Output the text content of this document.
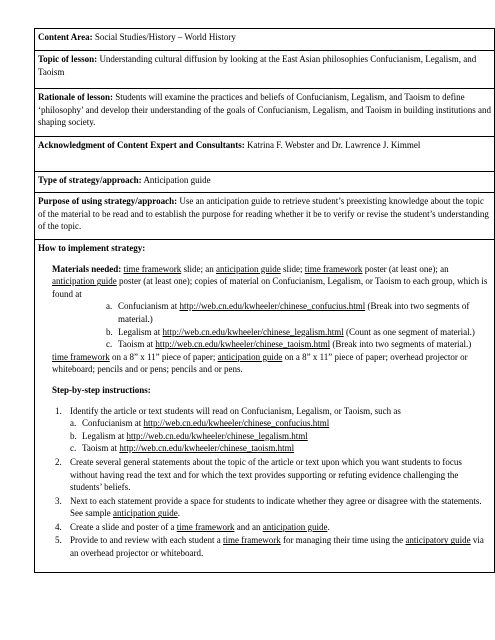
Content Area: Social Studies/History – World History
Topic of lesson: Understanding cultural diffusion by looking at the East Asian philosophies Confucianism, Legalism, and Taoism
Rationale of lesson: Students will examine the practices and beliefs of Confucianism, Legalism, and Taoism to define ‘philosophy’ and develop their understanding of the goals of Confucianism, Legalism, and Taoism in building institutions and shaping society.
Acknowledgment of Content Expert and Consultants: Katrina F. Webster and Dr. Lawrence J. Kimmel
Type of strategy/approach: Anticipation guide
Purpose of using strategy/approach: Use an anticipation guide to retrieve student’s preexisting knowledge about the topic of the material to be read and to establish the purpose for reading whether it be to verify or revise the student’s understanding of the topic.
How to implement strategy:

Materials needed: time framework slide; an anticipation guide slide; time framework poster (at least one); an anticipation guide poster (at least one); copies of material on Confucianism, Legalism, or Taoism to each group, which is found at

a. Confucianism at http://web.cn.edu/kwheeler/chinese_confucius.html (Break into two segments of material.)
b. Legalism at http://web.cn.edu/kwheeler/chinese_legalism.html (Count as one segment of material.)
c. Taoism at http://web.cn.edu/kwheeler/chinese_taoism.html (Break into two segments of material.)

time framework on a 8” x 11” piece of paper; anticipation guide on a 8” x 11” piece of paper; overhead projector or whiteboard; pencils and or pens; pencils and or pens.

Step-by-step instructions:

1. Identify the article or text students will read on Confucianism, Legalism, or Taoism, such as
a. Confucianism at http://web.cn.edu/kwheeler/chinese_confucius.html
b. Legalism at http://web.cn.edu/kwheeler/chinese_legalism.html
c. Taoism at http://web.cn.edu/kwheeler/chinese_taoism.html
2. Create several general statements about the topic of the article or text upon which you want students to focus without having read the text and for which the text provides supporting or refuting evidence challenging the students’ beliefs.
3. Next to each statement provide a space for students to indicate whether they agree or disagree with the statements. See sample anticipation guide.
4. Create a slide and poster of a time framework and an anticipation guide.
5. Provide to and review with each student a time framework for managing their time using the anticipatory guide via an overhead projector or whiteboard.
